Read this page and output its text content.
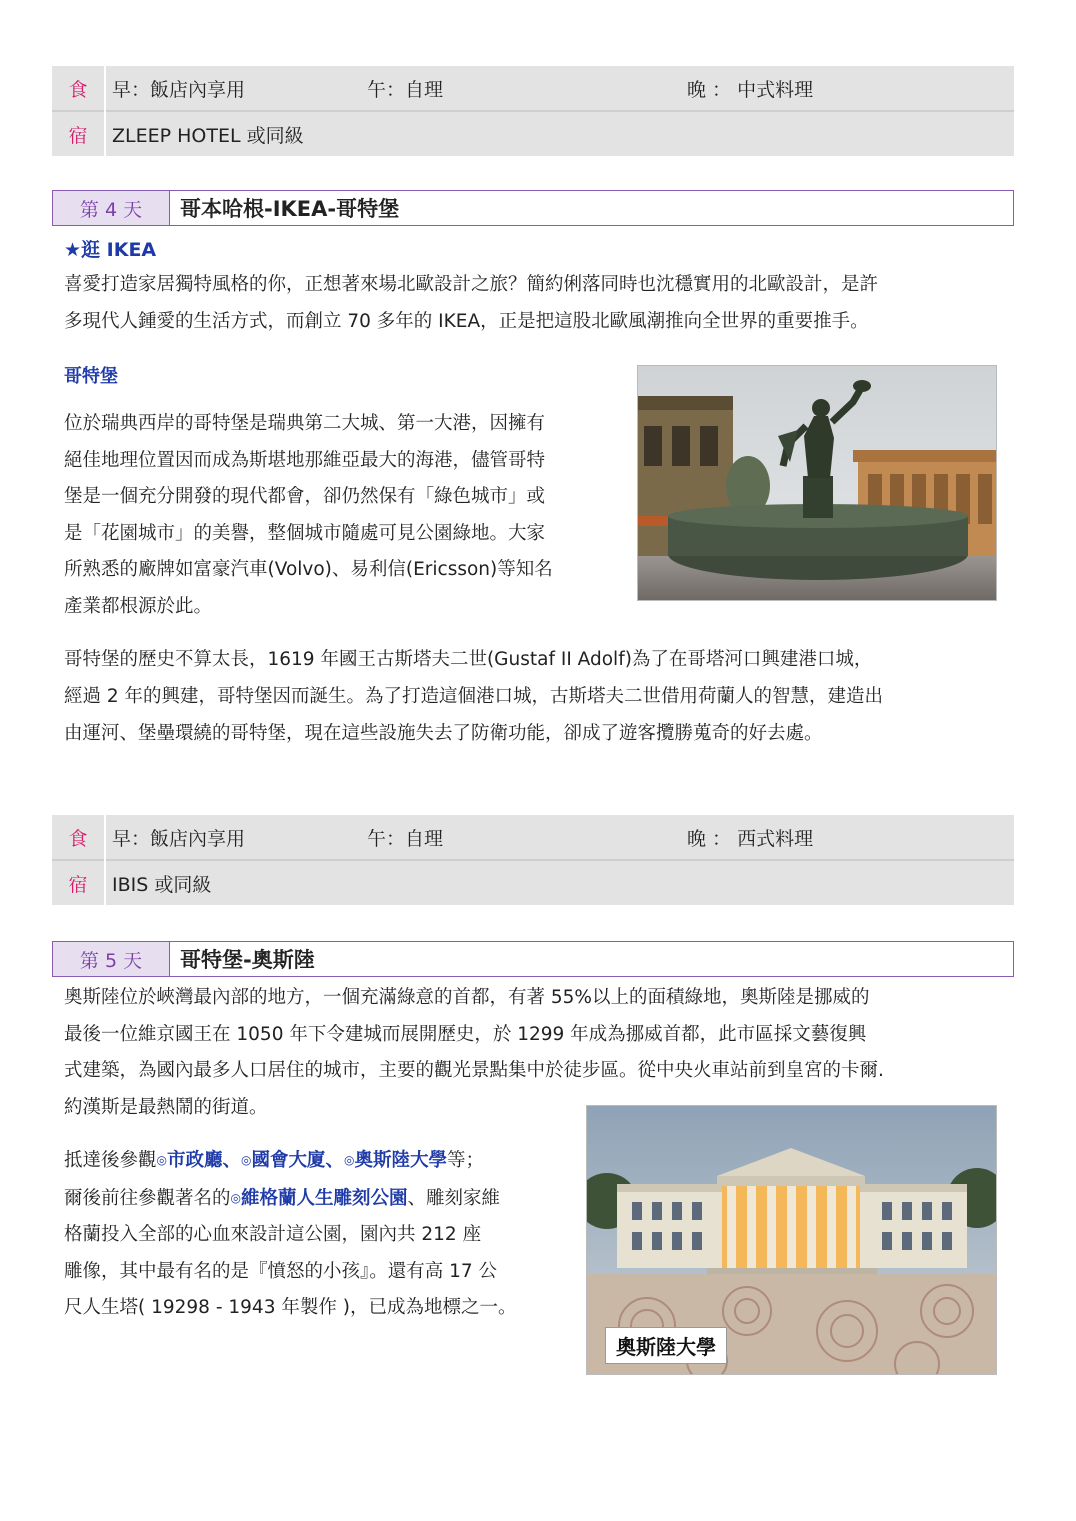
食	早：飯店內享用	午：自理	晚 ： 中式料理
宿	ZLEEP HOTEL 或同級		
第 4 天	哥本哈根-IKEA-哥特堡

★逛 IKEA

喜愛打造家居獨特風格的你，正想著來場北歐設計之旅？簡約俐落同時也沈穩實用的北歐設計，是許

多現代人鍾愛的生活方式，而創立 70 多年的 IKEA，正是把這股北歐風潮推向全世界的重要推手。

哥特堡

位於瑞典西岸的哥特堡是瑞典第二大城、第一大港，因擁有
絕佳地理位置因而成為斯堪地那維亞最大的海港，儘管哥特
堡是一個充分開發的現代都會，卻仍然保有「綠色城市」或
是「花園城市」的美譽，整個城市隨處可見公園綠地。大家
所熟悉的廠牌如富豪汽車(Volvo)、易利信(Ericsson)等知名
產業都根源於此。
哥特堡的歷史不算太長，1619 年國王古斯塔夫二世(Gustaf II Adolf)為了在哥塔河口興建港口城，
經過 2 年的興建，哥特堡因而誕生。為了打造這個港口城，古斯塔夫二世借用荷蘭人的智慧，建造出
由運河、堡壘環繞的哥特堡，現在這些設施失去了防衛功能，卻成了遊客攬勝蒐奇的好去處。
食	早：飯店內享用	午：自理	晚 ： 西式料理
宿	IBIS 或同級		
第 5 天	哥特堡-奧斯陸
奧斯陸位於峽灣最內部的地方，一個充滿綠意的首都，有著 55%以上的面積綠地，奧斯陸是挪威的
最後一位維京國王在 1050 年下令建城而展開歷史，於 1299 年成為挪威首都，此市區採文藝復興
式建築，為國內最多人口居住的城市，主要的觀光景點集中於徒步區。從中央火車站前到皇宮的卡爾.
約漢斯是最熱鬧的街道。
抵達後參觀◎市政廳、◎國會大廈、◎奧斯陸大學等；
爾後前往參觀著名的◎維格蘭人生雕刻公園、雕刻家維
格蘭投入全部的心血來設計這公園，園內共 212 座
雕像，其中最有名的是『憤怒的小孩』。還有高 17 公
尺人生塔( 19298 - 1943 年製作 )，已成為地標之一。
奧斯陸大學
